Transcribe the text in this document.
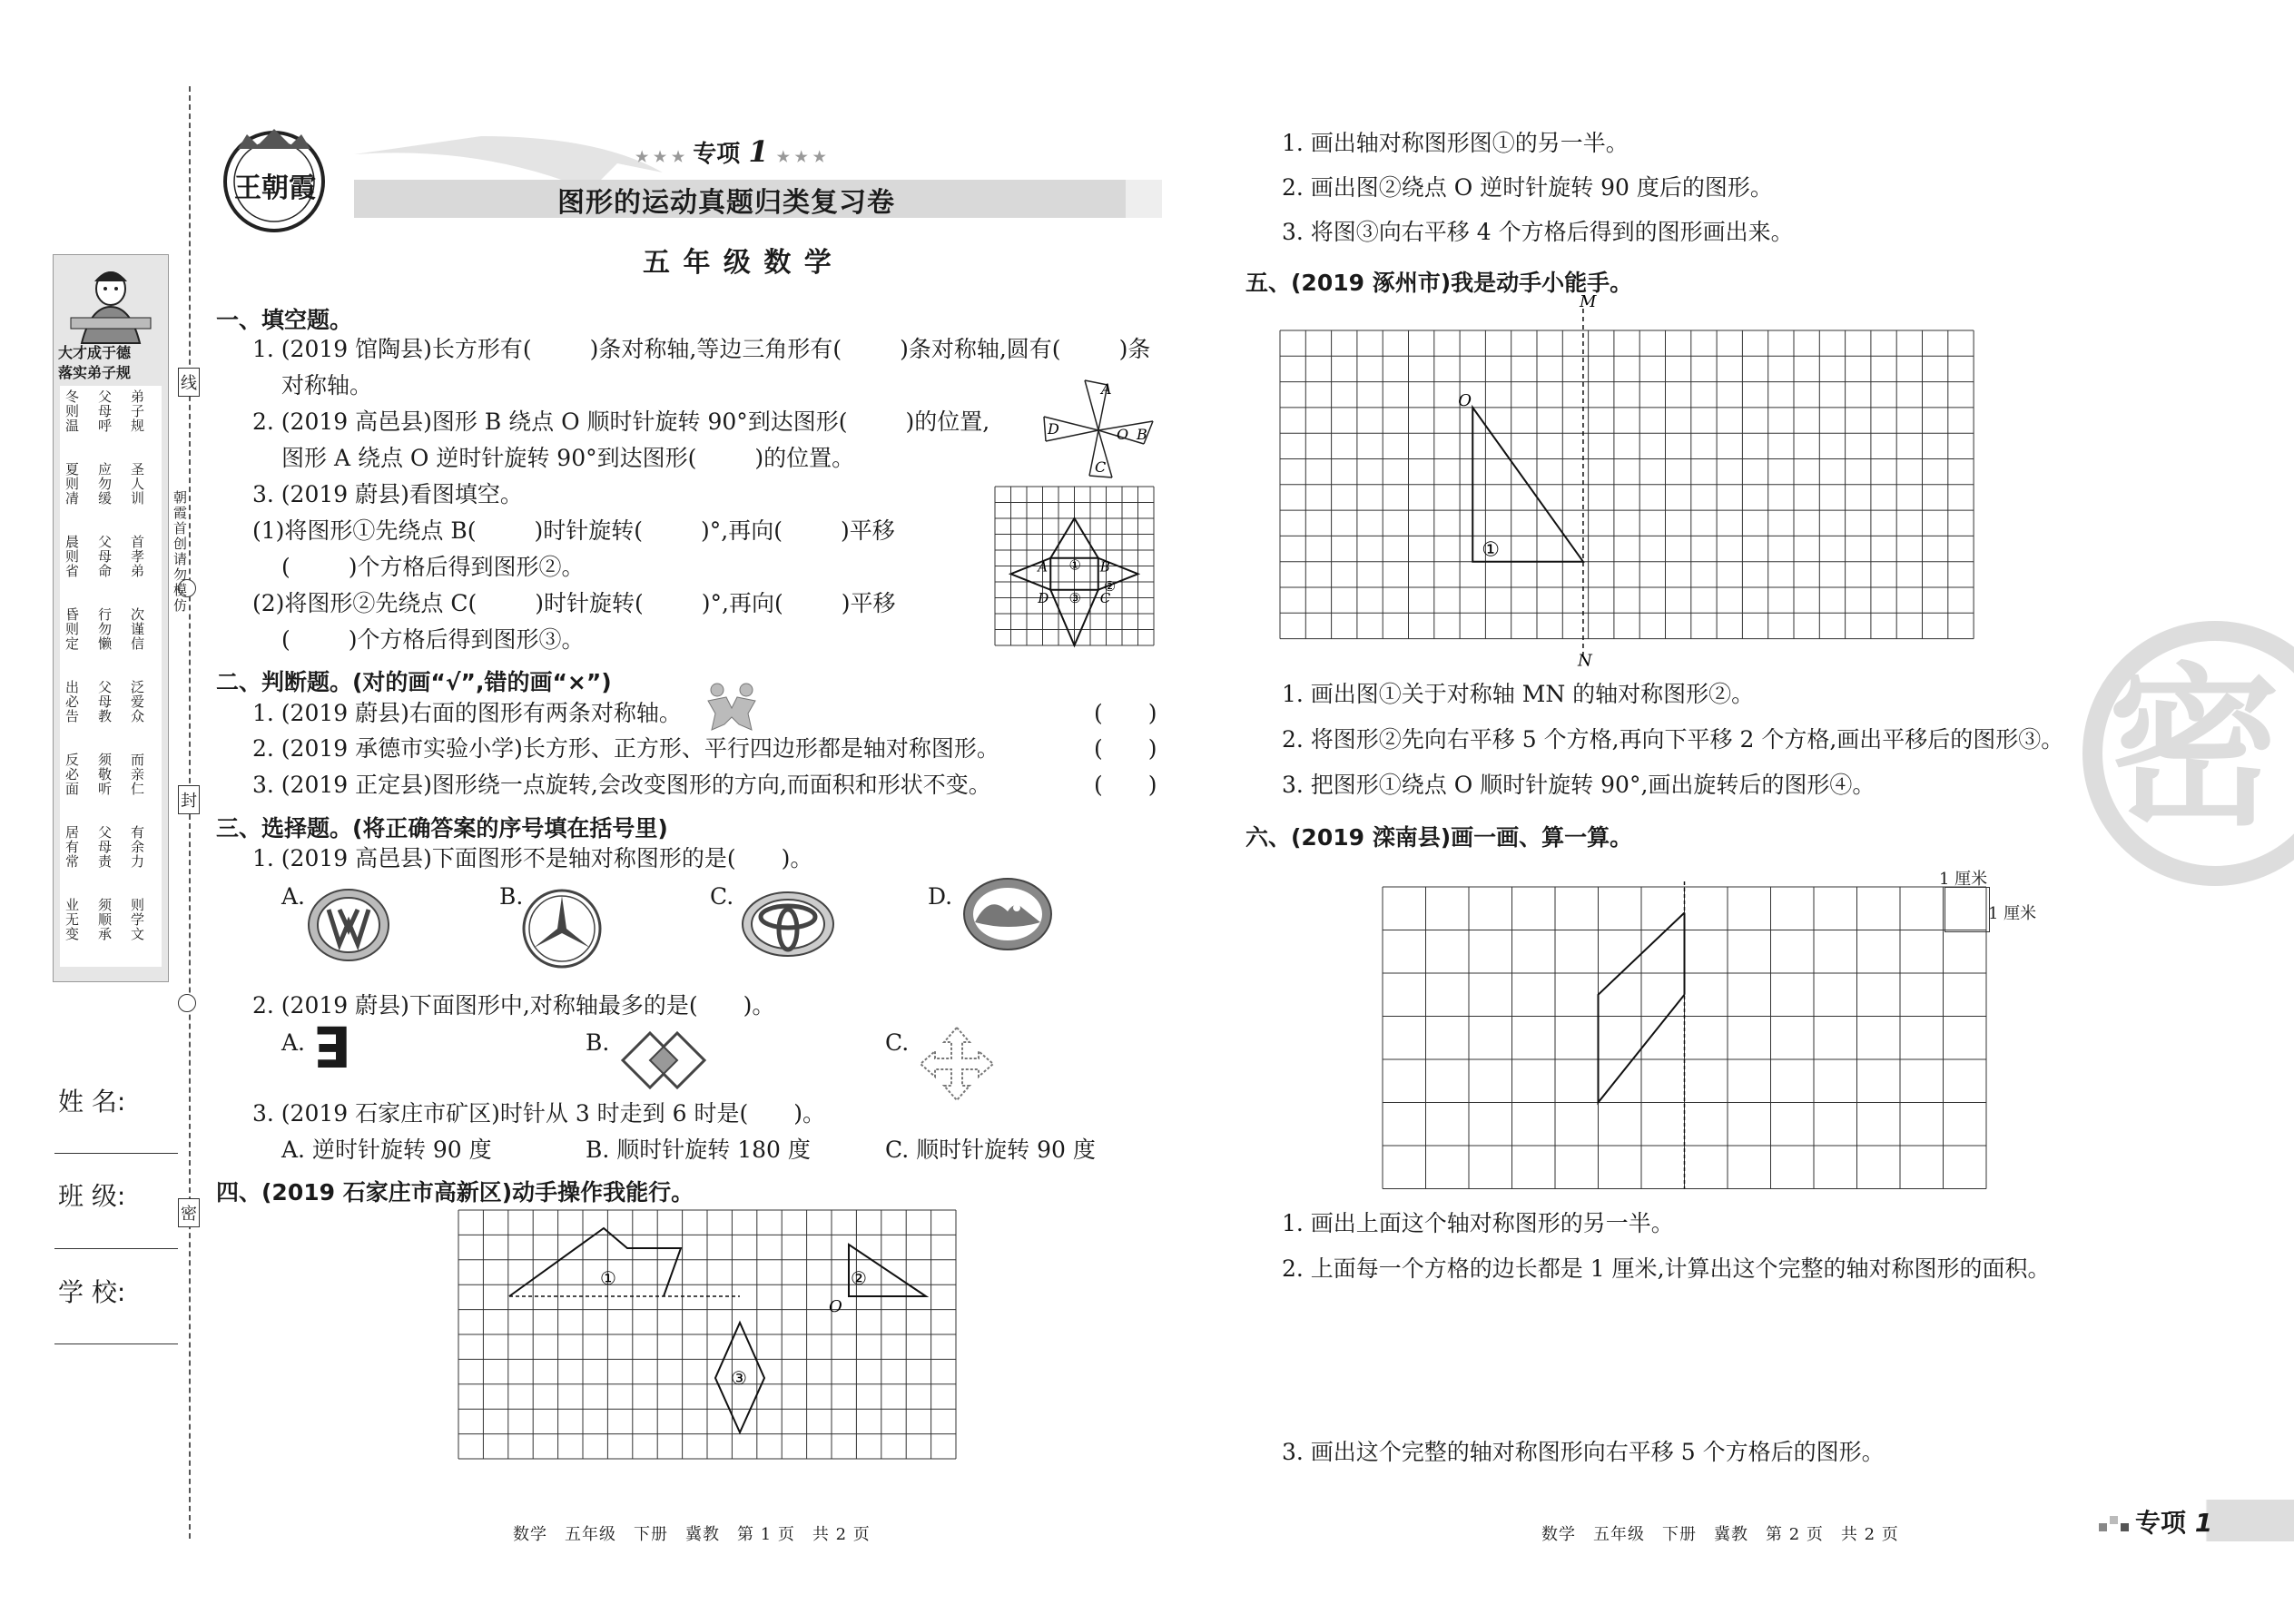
线
封
密
朝霞首创请勿模仿
大才成于德
落实弟子规
弟子规
圣人训
首孝弟
次谨信
泛爱众
而亲仁
有余力
则学文
父母呼
应勿缓
父母命
行勿懒
父母教
须敬听
父母责
须顺承
冬则温
夏则凊
晨则省
昏则定
出必告
反必面
居有常
业无变
姓 名:
班 级:
学 校:
王朝霞
★ ★ ★ 专项 1 ★ ★ ★
图形的运动真题归类复习卷
五 年 级 数 学
一、填空题。
1. (2019 馆陶县)长方形有(	)条对称轴,等边三角形有(	)条对称轴,圆有(	)条
对称轴。
2. (2019 高邑县)图形 B 绕点 O 顺时针旋转 90°到达图形(	)的位置,
图形 A 绕点 O 逆时针旋转 90°到达图形(	)的位置。
3. (2019 蔚县)看图填空。
(1)将图形①先绕点 B(	)时针旋转(	)°,再向(	)平移
(	)个方格后得到图形②。
(2)将图形②先绕点 C(	)时针旋转(	)°,再向(	)平移
(	)个方格后得到图形③。
A
B
C
D	O
A ① B
②
D ③ C
二、判断题。(对的画“√”,错的画“×”)
1. (2019 蔚县)右面的图形有两条对称轴。	(　　)
2. (2019 承德市实验小学)长方形、正方形、平行四边形都是轴对称图形。	(　　)
3. (2019 正定县)图形绕一点旋转,会改变图形的方向,而面积和形状不变。	(　　)
三、选择题。(将正确答案的序号填在括号里)
1. (2019 高邑县)下面图形不是轴对称图形的是(　　)。
A.	B.	C.	D.
2. (2019 蔚县)下面图形中,对称轴最多的是(　　)。
A. ꓱ	B.	C.
3. (2019 石家庄市矿区)时针从 3 时走到 6 时是(　　)。
A. 逆时针旋转 90 度	B. 顺时针旋转 180 度	C. 顺时针旋转 90 度
四、(2019 石家庄市高新区)动手操作我能行。
①	②
O
③
1. 画出轴对称图形图①的另一半。
2. 画出图②绕点 O 逆时针旋转 90 度后的图形。
3. 将图③向右平移 4 个方格后得到的图形画出来。
五、(2019 涿州市)我是动手小能手。
M
N
O
①
1. 画出图①关于对称轴 MN 的轴对称图形②。
2. 将图形②先向右平移 5 个方格,再向下平移 2 个方格,画出平移后的图形③。
3. 把图形①绕点 O 顺时针旋转 90°,画出旋转后的图形④。
六、(2019 滦南县)画一画、算一算。
1 厘米
1 厘米
1. 画出上面这个轴对称图形的另一半。
2. 上面每一个方格的边长都是 1 厘米,计算出这个完整的轴对称图形的面积。
3. 画出这个完整的轴对称图形向右平移 5 个方格后的图形。
密
数学　五年级　下册　冀教　第 1 页　共 2 页	数学　五年级　下册　冀教　第 2 页　共 2 页	专项 1
